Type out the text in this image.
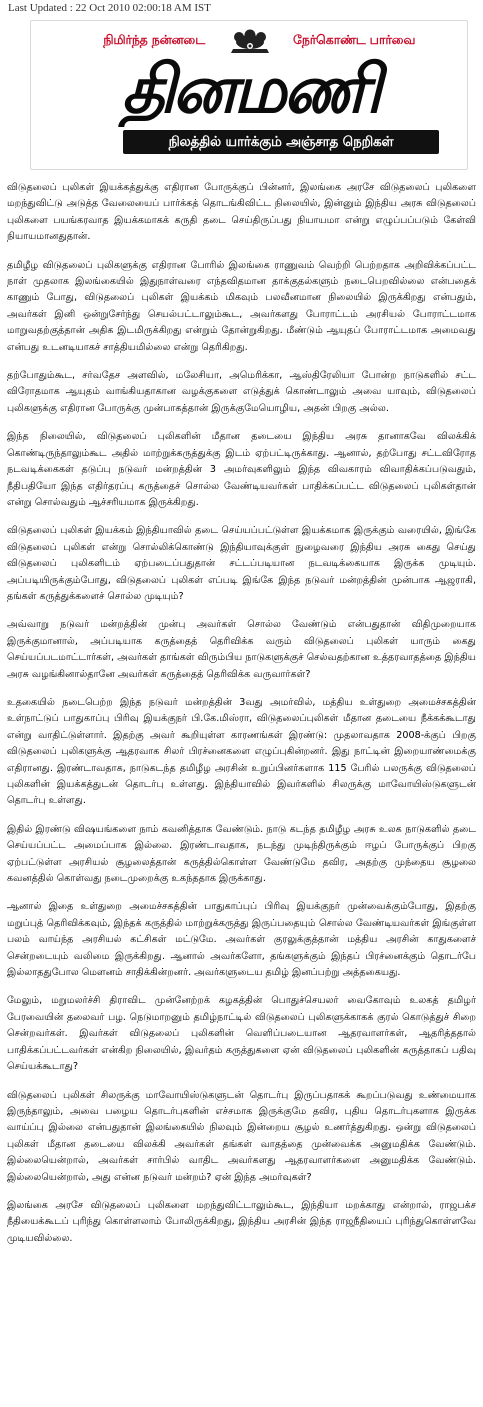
Last Updated : 22 Oct 2010 02:00:18 AM IST
நிமிர்ந்த நன்னடை	நேர்கொண்ட பார்வை
தினமணி
நிலத்தில் யார்க்கும் அஞ்சாத நெறிகள்

விடுதலைப் புலிகள் இயக்கத்துக்கு எதிரான போருக்குப் பின்னர், இலங்கை அரசே விடுதலைப் புலிகளை மறந்துவிட்டு அடுத்த வேலையைப் பார்க்கத் தொடங்கிவிட்ட நிலையில், இன்னும் இந்திய அரசு விடுதலைப் புலிகளை பயங்கரவாத இயக்கமாகக் கருதி தடை செய்திருப்பது நியாயமா என்று எழுப்பப்படும் கேள்வி நியாயமானதுதான்.

தமிழீழ விடுதலைப் புலிகளுக்கு எதிரான போரில் இலங்கை ராணுவம் வெற்றி பெற்றதாக அறிவிக்கப்பட்ட நாள் முதலாக இலங்கையில் இதுநாள்வரை எந்தவிதமான தாக்குதல்களும் நடைபெறவில்லை என்பதைக் காணும் போது, விடுதலைப் புலிகள் இயக்கம் மிகவும் பலவீனமான நிலையில் இருக்கிறது என்பதும், அவர்கள் இனி ஒன்றுசேர்ந்து செயல்பட்டாலும்கூட, அவர்களது போராட்டம் அரசியல் போராட்டமாக மாறுவதற்குத்தான் அதிக இடமிருக்கிறது என்றும் தோன்றுகிறது. மீண்டும் ஆயுதப் போராட்டமாக அமைவது என்பது உடனடியாகச் சாத்தியமில்லை என்று தெரிகிறது.

தற்போதும்கூட, சர்வதேச அளவில், மலேசியா, அமெரிக்கா, ஆஸ்திரேலியா போன்ற நாடுகளில் சட்ட விரோதமாக ஆயுதம் வாங்கியதாகான வழக்குகளை எடுத்துக் கொண்டாலும் அவை யாவும், விடுதலைப் புலிகளுக்கு எதிரான போருக்கு முன்பாகத்தான் இருக்குமேயொழிய, அதன் பிறகு அல்ல.

இந்த நிலையில், விடுதலைப் புலிகளின் மீதான தடையை இந்திய அரசு தானாகவே விலக்கிக் கொண்டிருந்தாலும்கூட அதில் மாற்றுக்கருத்துக்கு இடம் ஏற்பட்டிருக்காது. ஆனால், தற்போது சட்டவிரோத நடவடிக்கைகள் தடுப்பு நடுவர் மன்றத்தின் 3 அமர்வுகளிலும் இந்த விவகாரம் விவாதிக்கப்படுவதும், நீதிபதியோ இந்த எதிர்தரப்பு கருத்தைச் சொல்ல வேண்டியவர்கள் பாதிக்கப்பட்ட விடுதலைப் புலிகள்தான் என்று சொல்வதும் ஆச்சரியமாக இருக்கிறது.

விடுதலைப் புலிகள் இயக்கம் இந்தியாவில் தடை செய்யப்பட்டுள்ள இயக்கமாக இருக்கும் வரையில், இங்கே விடுதலைப் புலிகள் என்று சொல்லிக்கொண்டு இந்தியாவுக்குள் நுழைவரை இந்திய அரசு கைது செய்து விடுதலைப் புலிகளிடம் ஏற்படைப்பதுதான் சட்டப்படியான நடவடிக்கையாக இருக்க முடியும். அப்படியிருக்கும்போது, விடுதலைப் புலிகள் எப்படி இங்கே இந்த நடுவர் மன்றத்தின் முன்பாக ஆஜராகி, தங்கள் கருத்துக்களைச் சொல்ல முடியும்?

அவ்வாறு நடுவர் மன்றத்தின் முன்பு அவர்கள் சொல்ல வேண்டும் என்பதுதான் விதிமுறையாக இருக்குமானால், அப்படியாக கருத்தைத் தெரிவிக்க வரும் விடுதலைப் புலிகள் யாரும் கைது செய்யப்படமாட்டார்கள், அவர்கள் தாங்கள் விரும்பிய நாடுகளுக்குச் செல்வதற்கான உத்தரவாதத்தை இந்திய அரசு வழங்கினால்தானே அவர்கள் கருத்தைத் தெரிவிக்க வருவார்கள்?

உதகையில் நடைபெற்ற இந்த நடுவர் மன்றத்தின் 3வது அமர்வில், மத்திய உள்துறை அமைச்சகத்தின் உள்நாட்டுப் பாதுகாப்பு பிரிவு இயக்குநர் பி.கே.மிஸ்ரா, விடுதலைப்புலிகள் மீதான தடையை நீக்கக்கூடாது என்று வாதிட்டுள்ளார். இதற்கு அவர் கூறியுள்ள காரணங்கள் இரண்டு: முதலாவதாக 2008-க்குப் பிறகு விடுதலைப் புலிகளுக்கு ஆதரவாக சிலர் பிரச்னைகளை எழுப்புகின்றனர். இது நாட்டின் இறையாண்மைக்கு எதிரானது. இரண்டாவதாக, நாடுகடந்த தமிழீழ அரசின் உறுப்பினர்களாக 115 பேரில் பலருக்கு விடுதலைப் புலிகளின் இயக்கத்துடன் தொடர்பு உள்ளது. இந்தியாவில் இவர்களில் சிலருக்கு மாவோயிஸ்டுகளுடன் தொடர்பு உள்ளது.

இதில் இரண்டு விஷயங்களை நாம் கவனித்தாக வேண்டும். நாடு கடந்த தமிழீழ அரசு உலக நாடுகளில் தடை செய்யப்பட்ட அமைப்பாக இல்லை. இரண்டாவதாக, நடந்து முடிந்திருக்கும் ஈழப் போருக்குப் பிறகு ஏற்பட்டுள்ள அரசியல் சூழலைத்தான் கருத்தில்கொள்ள வேண்டுமே தவிர, அதற்கு முந்தைய சூழலை கவனத்தில் கொள்வது நடைமுறைக்கு உகந்ததாக இருக்காது.

ஆனால் இதை உள்துறை அமைச்சகத்தின் பாதுகாப்புப் பிரிவு இயக்குநர் முன்வைக்கும்போது, இதற்கு மறுப்புத் தெரிவிக்கவும், இந்தக் கருத்தில் மாற்றுக்கருத்து இருப்பதையும் சொல்ல வேண்டியவர்கள் இங்குள்ள பலம் வாய்ந்த அரசியல் கட்சிகள் மட்டுமே. அவர்கள் குரலுக்குத்தான் மத்திய அரசின் காதுகளைச் சென்றடையும் வலிமை இருக்கிறது. ஆனால் அவர்களோ, தங்களுக்கும் இந்தப் பிரச்னைக்கும் தொடர்பே இல்லாததுபோல மௌனம் சாதிக்கின்றனர். அவர்களுடைய தமிழ் இனப்பற்று அத்தகையது.

மேலும், மறுமலர்ச்சி திராவிட முன்னேற்றக் கழகத்தின் பொதுச்செயலர் வைகோவும் உலகத் தமிழர் பேரவையின் தலைவர் பழ. நெடுமாறனும் தமிழ்நாட்டில் விடுதலைப் புலிகளுக்காகக் குரல் கொடுத்துச் சிறை சென்றவர்கள். இவர்கள் விடுதலைப் புலிகளின் வெளிப்படையான ஆதரவாளர்கள், ஆதரித்ததால் பாதிக்கப்பட்டவர்கள் என்கிற நிலையில், இவர்தம் கருத்துகளை ஏன் விடுதலைப் புலிகளின் கருத்தாகப் பதிவு செய்யக்கூடாது?

விடுதலைப் புலிகள் சிலருக்கு மாவோயிஸ்டுகளுடன் தொடர்பு இருப்பதாகக் கூறப்படுவது உண்மையாக இருந்தாலும், அவை பழைய தொடர்புகளின் எச்சமாக இருக்குமே தவிர, புதிய தொடர்புகளாக இருக்க வாய்ப்பு இல்லை என்பதுதான் இலங்கையில் நிலவும் இன்றைய சூழல் உணர்த்துகிறது. ஒன்று விடுதலைப் புலிகள் மீதான தடையை விலக்கி அவர்கள் தங்கள் வாதத்தை முன்வைக்க அனுமதிக்க வேண்டும். இல்லையென்றால், அவர்கள் சார்பில் வாதிட அவர்களது ஆதரவாளர்களை அனுமதிக்க வேண்டும். இல்லையென்றால், அது என்ன நடுவர் மன்றம்? ஏன் இந்த அமர்வுகள்?

இலங்கை அரசே விடுதலைப் புலிகளை மறந்துவிட்டாலும்கூட, இந்தியா மறக்காது என்றால், ராஜபக்ச நீதியைக்கூடப் புரிந்து கொள்ளலாம் போலிருக்கிறது, இந்திய அரசின் இந்த ராஜநீதியைப் புரிந்துகொள்ளவே முடியவில்லை.
